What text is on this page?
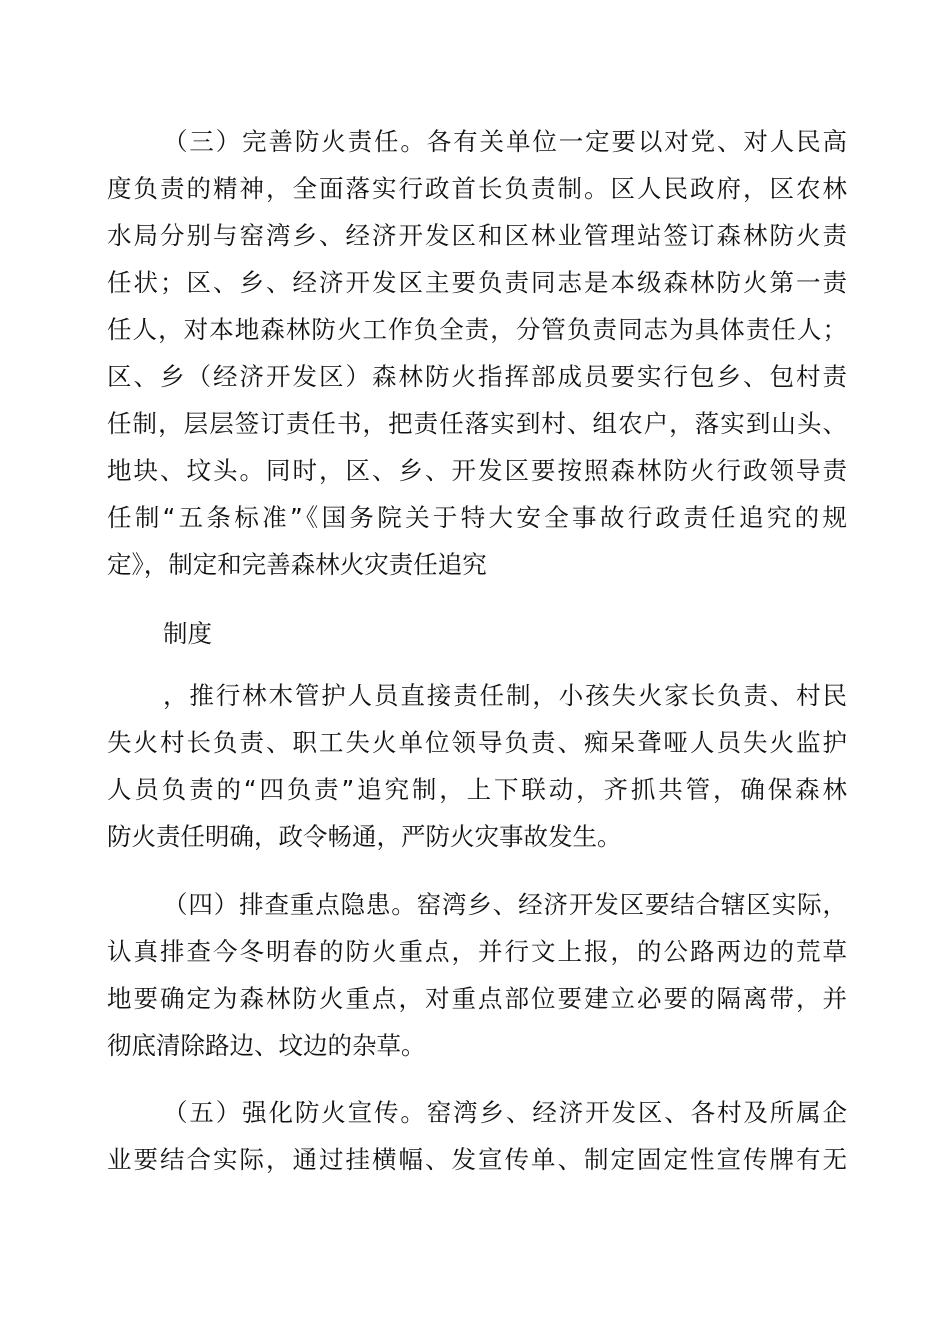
（三）完善防火责任。各有关单位一定要以对党、对人民高
度负责的精神，全面落实行政首长负责制。区人民政府，区农林
水局分别与窑湾乡、经济开发区和区林业管理站签订森林防火责
任状；区、乡、经济开发区主要负责同志是本级森林防火第一责
任人，对本地森林防火工作负全责，分管负责同志为具体责任人；
区、乡（经济开发区）森林防火指挥部成员要实行包乡、包村责
任制，层层签订责任书，把责任落实到村、组农户，落实到山头、
地块、坟头。同时，区、乡、开发区要按照森林防火行政领导责
任制“五条标准”《国务院关于特大安全事故行政责任追究的规
定》，制定和完善森林火灾责任追究
制度
，推行林木管护人员直接责任制，小孩失火家长负责、村民
失火村长负责、职工失火单位领导负责、痴呆聋哑人员失火监护
人员负责的“四负责”追究制，上下联动，齐抓共管，确保森林
防火责任明确，政令畅通，严防火灾事故发生。
（四）排查重点隐患。窑湾乡、经济开发区要结合辖区实际，
认真排查今冬明春的防火重点，并行文上报，的公路两边的荒草
地要确定为森林防火重点，对重点部位要建立必要的隔离带，并
彻底清除路边、坟边的杂草。
（五）强化防火宣传。窑湾乡、经济开发区、各村及所属企
业要结合实际，通过挂横幅、发宣传单、制定固定性宣传牌有无
